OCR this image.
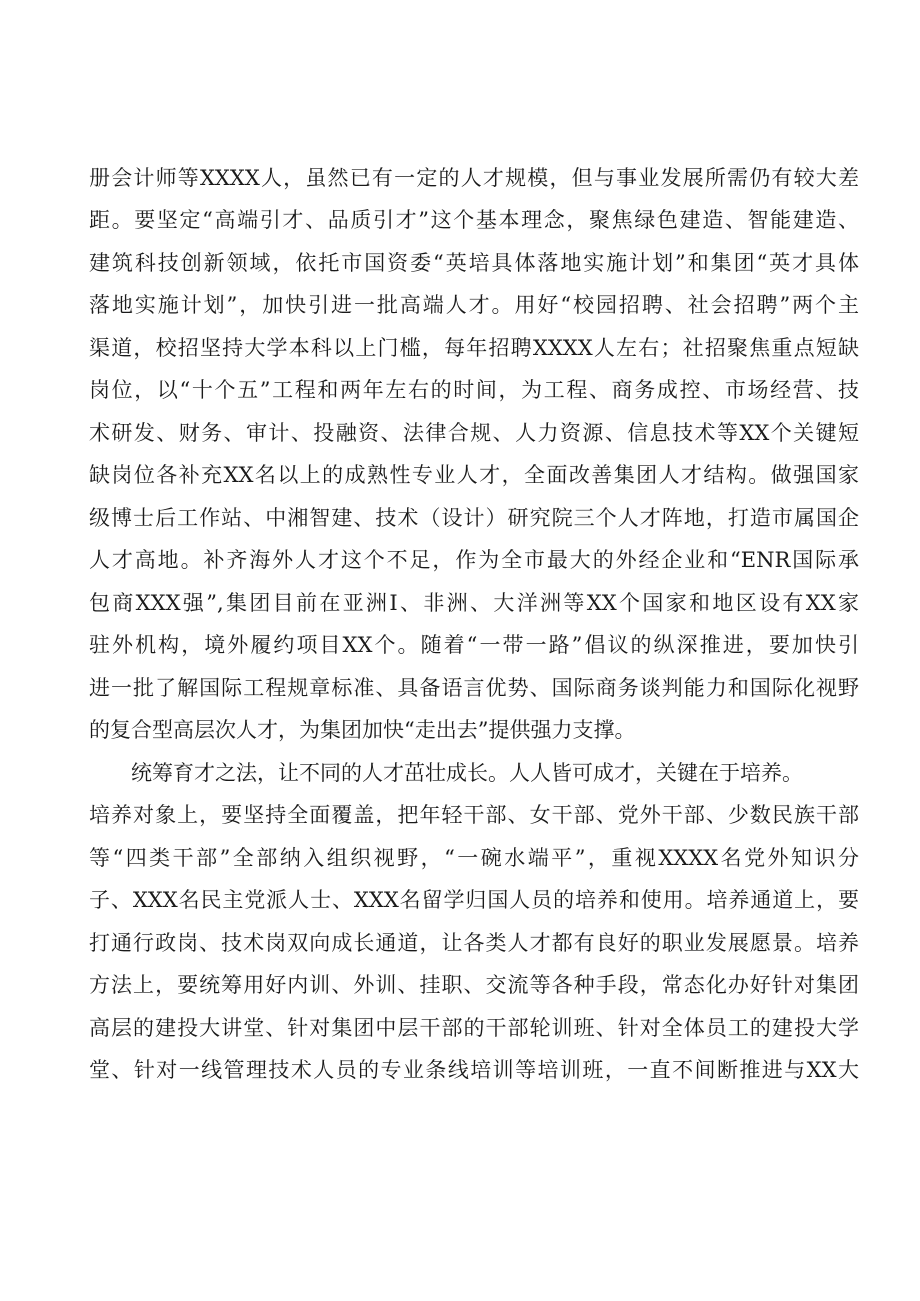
册会计师等XXXX人，虽然已有一定的人才规模，但与事业发展所需仍有较大差
距。要坚定“高端引才、品质引才”这个基本理念，聚焦绿色建造、智能建造、
建筑科技创新领域，依托市国资委“英培具体落地实施计划”和集团“英才具体
落地实施计划”，加快引进一批高端人才。用好“校园招聘、社会招聘”两个主
渠道，校招坚持大学本科以上门槛，每年招聘XXXX人左右；社招聚焦重点短缺
岗位，以“十个五”工程和两年左右的时间，为工程、商务成控、市场经营、技
术研发、财务、审计、投融资、法律合规、人力资源、信息技术等XX个关键短
缺岗位各补充XX名以上的成熟性专业人才，全面改善集团人才结构。做强国家
级博士后工作站、中湘智建、技术（设计）研究院三个人才阵地，打造市属国企
人才高地。补齐海外人才这个不足，作为全市最大的外经企业和“ENR国际承
包商XXX强”,集团目前在亚洲I、非洲、大洋洲等XX个国家和地区设有XX家
驻外机构，境外履约项目XX个。随着“一带一路”倡议的纵深推进，要加快引
进一批了解国际工程规章标准、具备语言优势、国际商务谈判能力和国际化视野
的复合型高层次人才，为集团加快“走出去”提供强力支撑。
统筹育才之法，让不同的人才茁壮成长。人人皆可成才，关键在于培养。
培养对象上，要坚持全面覆盖，把年轻干部、女干部、党外干部、少数民族干部
等“四类干部”全部纳入组织视野，“一碗水端平”，重视XXXX名党外知识分
子、XXX名民主党派人士、XXX名留学归国人员的培养和使用。培养通道上，要
打通行政岗、技术岗双向成长通道，让各类人才都有良好的职业发展愿景。培养
方法上，要统筹用好内训、外训、挂职、交流等各种手段，常态化办好针对集团
高层的建投大讲堂、针对集团中层干部的干部轮训班、针对全体员工的建投大学
堂、针对一线管理技术人员的专业条线培训等培训班，一直不间断推进与XX大
